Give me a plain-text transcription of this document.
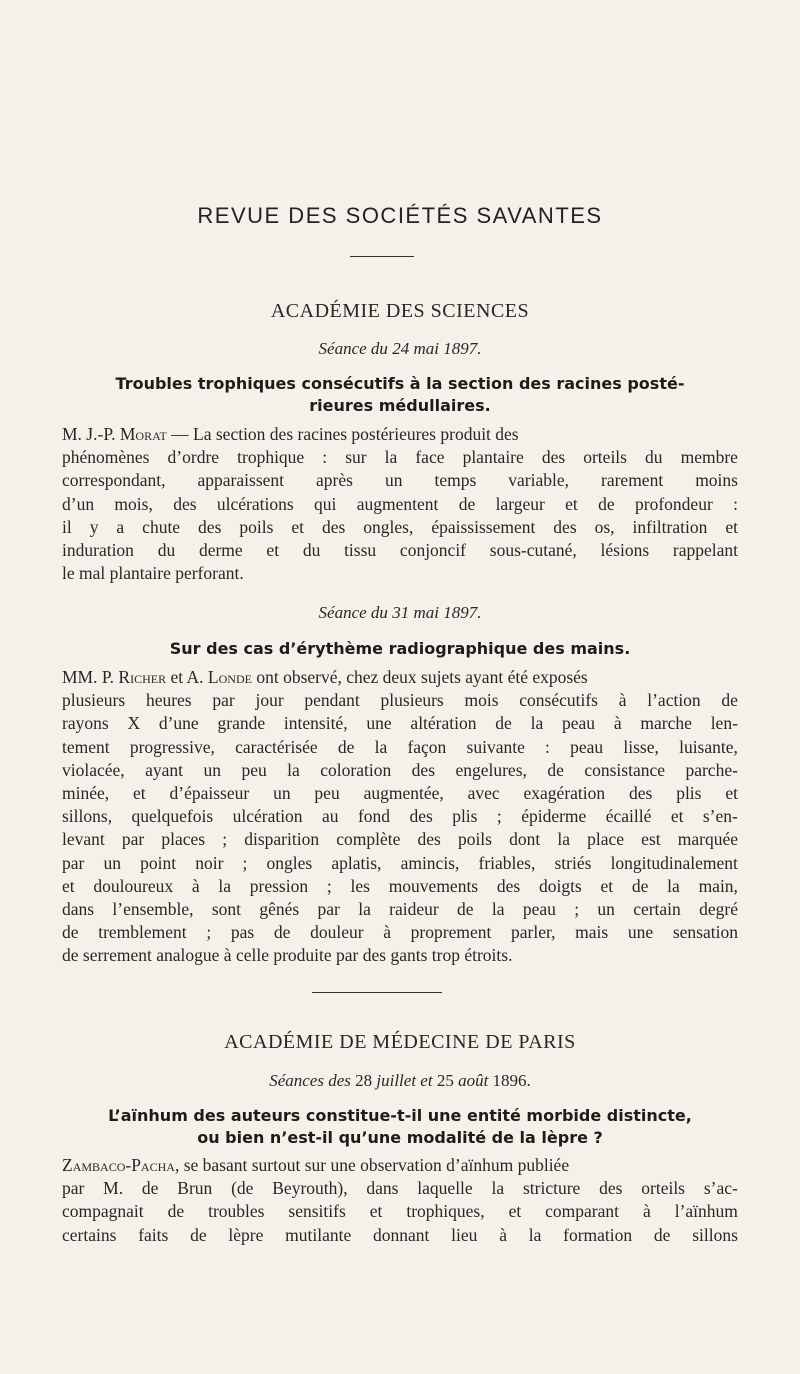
REVUE DES SOCIÉTÉS SAVANTES
ACADÉMIE DES SCIENCES
Séance du 24 mai 1897.
Troubles trophiques consécutifs à la section des racines posté-
rieures médullaires.
M. J.-P. Morat — La section des racines postérieures produit des
phénomènes d’ordre trophique : sur la face plantaire des orteils du membre
correspondant, apparaissent après un temps variable, rarement moins
d’un mois, des ulcérations qui augmentent de largeur et de profondeur :
il y a chute des poils et des ongles, épaississement des os, infiltration et
induration du derme et du tissu conjoncif sous-cutané, lésions rappelant
le mal plantaire perforant.
Séance du 31 mai 1897.
Sur des cas d’érythème radiographique des mains.
MM. P. Richer et A. Londe ont observé, chez deux sujets ayant été exposés
plusieurs heures par jour pendant plusieurs mois consécutifs à l’action de
rayons X d’une grande intensité, une altération de la peau à marche len-
tement progressive, caractérisée de la façon suivante : peau lisse, luisante,
violacée, ayant un peu la coloration des engelures, de consistance parche-
minée, et d’épaisseur un peu augmentée, avec exagération des plis et
sillons, quelquefois ulcération au fond des plis ; épiderme écaillé et s’en-
levant par places ; disparition complète des poils dont la place est marquée
par un point noir ; ongles aplatis, amincis, friables, striés longitudinalement
et douloureux à la pression ; les mouvements des doigts et de la main,
dans l’ensemble, sont gênés par la raideur de la peau ; un certain degré
de tremblement ; pas de douleur à proprement parler, mais une sensation
de serrement analogue à celle produite par des gants trop étroits.
ACADÉMIE DE MÉDECINE DE PARIS
Séances des 28 juillet et 25 août 1896.
L’aïnhum des auteurs constitue-t-il une entité morbide distincte,
ou bien n’est-il qu’une modalité de la lèpre ?
Zambaco-Pacha, se basant surtout sur une observation d’aïnhum publiée
par M. de Brun (de Beyrouth), dans laquelle la stricture des orteils s’ac-
compagnait de troubles sensitifs et trophiques, et comparant à l’aïnhum
certains faits de lèpre mutilante donnant lieu à la formation de sillons
